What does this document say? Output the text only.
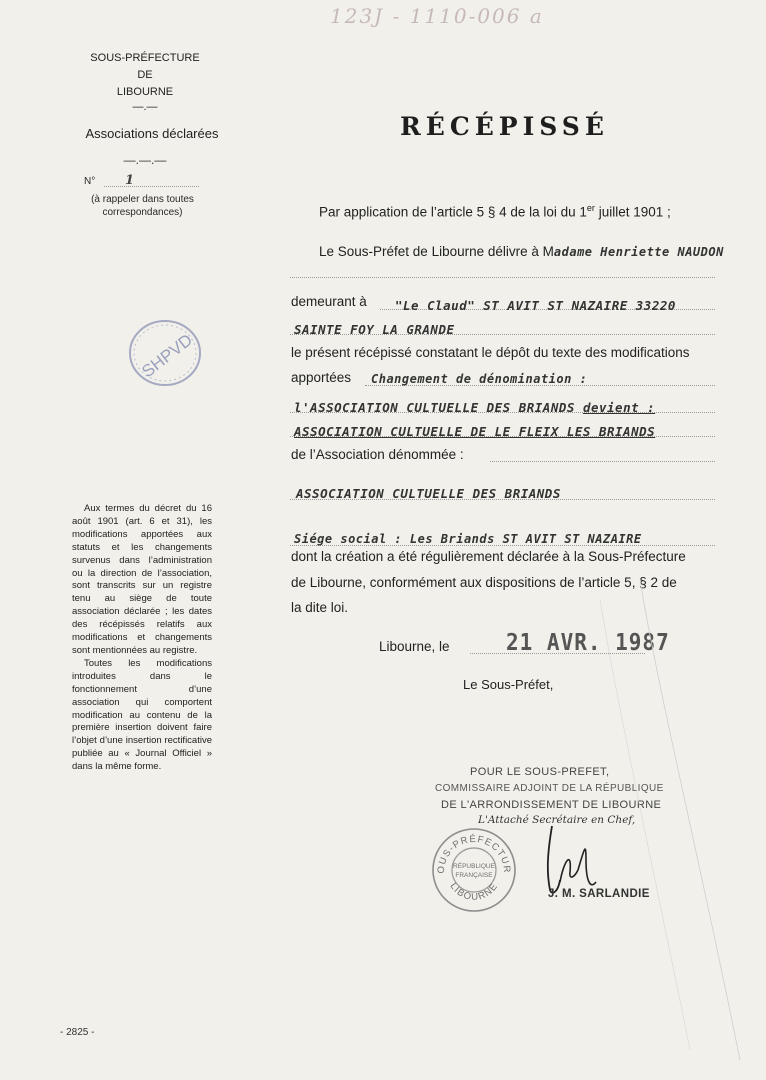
123J - 1110-006 a
SOUS-PRÉFECTURE
DE
LIBOURNE
—.—
Associations déclarées
—.—.—
N° 1
(à rappeler dans toutes
correspondances)
RÉCÉPISSÉ
SHPVD
Par application de l’article 5 § 4 de la loi du 1er juillet 1901 ;
Le Sous-Préfet de Libourne délivre à Madame Henriette NAUDON
demeurant à "Le Claud" ST AVIT ST NAZAIRE 33220
SAINTE FOY LA GRANDE
le présent récépissé constatant le dépôt du texte des modifications
apportées Changement de dénomination :
l'ASSOCIATION CULTUELLE DES BRIANDS devient :
ASSOCIATION CULTUELLE DE LE FLEIX LES BRIANDS
de l’Association dénommée :
ASSOCIATION CULTUELLE DES BRIANDS
Siége social : Les Briands ST AVIT ST NAZAIRE
dont la création a été régulièrement déclarée à la Sous-Préfecture
de Libourne, conformément aux dispositions de l’article 5, § 2 de
la dite loi.
Libourne, le	21 AVR. 1987
Le Sous-Préfet,
Aux termes du décret du 16 août 1901 (art. 6 et 31), les modifications apportées aux statuts et les changements survenus dans l’administration ou la direction de l’association, sont transcrits sur un registre tenu au siège de toute association déclarée ; les dates des récépissés relatifs aux modifications et changements sont mentionnées au registre.
Toutes les modifications introduites dans le fonctionnement d’une association qui comportent modification au contenu de la première insertion doivent faire l’objet d’une insertion rectificative publiée au « Journal Officiel » dans la même forme.	POUR LE SOUS-PREFET,
COMMISSAIRE ADJOINT DE LA RÉPUBLIQUE
DE L'ARRONDISSEMENT DE LIBOURNE
L'Attaché Secrétaire en Chef,
J. M. SARLANDIE
OUS-PRÉFECTUR
LIBOURNE
RÉPUBLIQUE
FRANÇAISE
- 2825 -
